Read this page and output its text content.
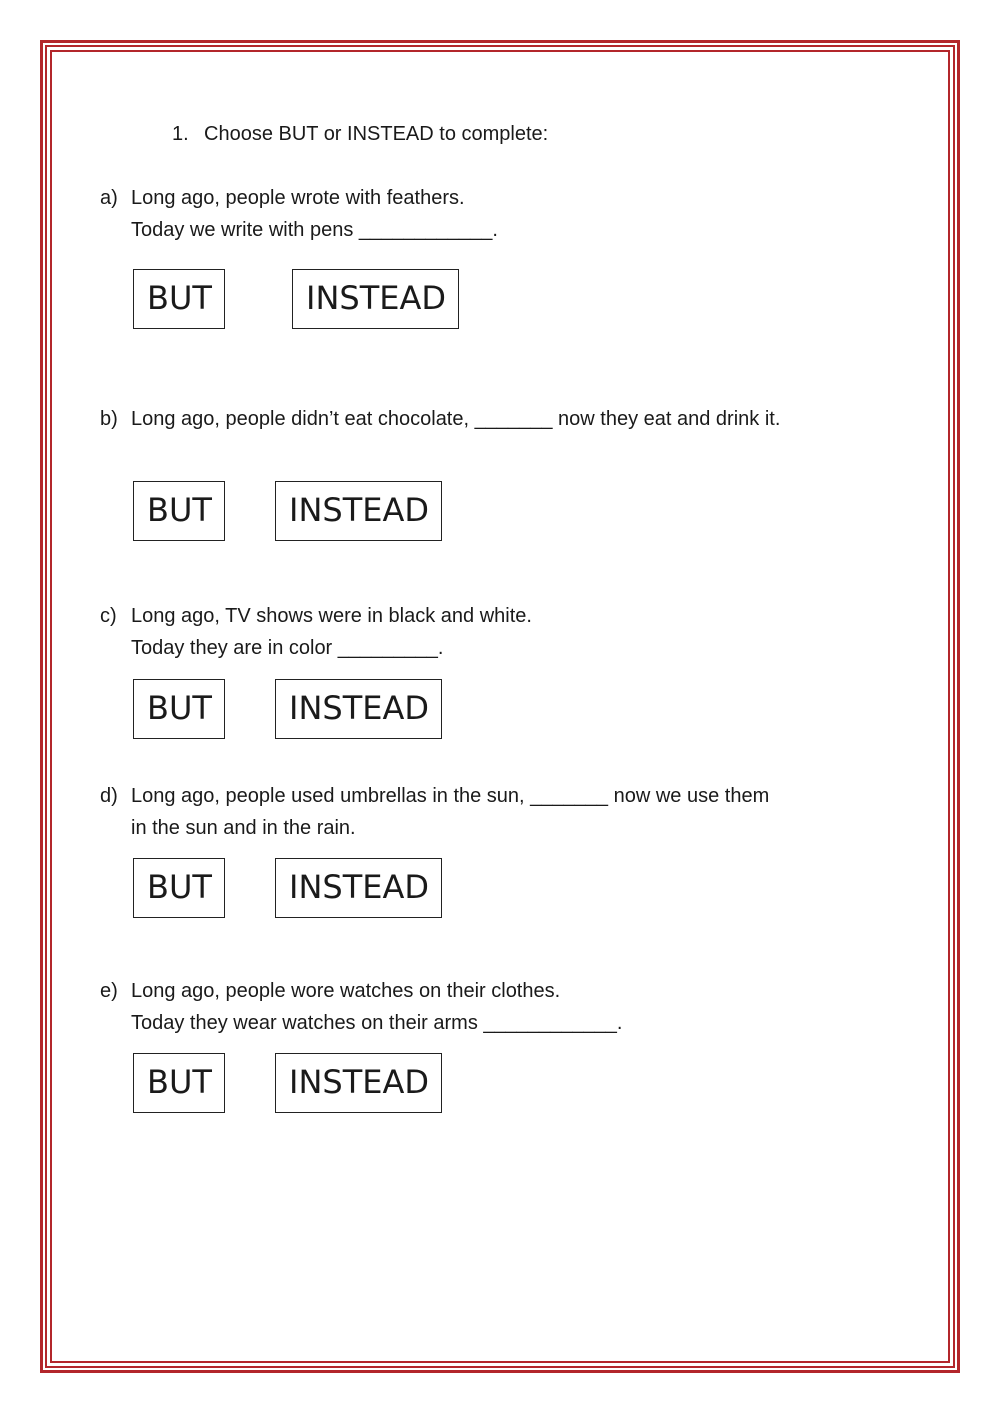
1. Choose BUT or INSTEAD to complete:
a) Long ago, people wrote with feathers.
Today we write with pens ____________.
BUT	INSTEAD
b) Long ago, people didn’t eat chocolate, _______ now they eat and drink it.
BUT	INSTEAD
c) Long ago, TV shows were in black and white.
Today they are in color _________.
BUT	INSTEAD
d) Long ago, people used umbrellas in the sun, _______ now we use them
in the sun and in the rain.
BUT	INSTEAD
e) Long ago, people wore watches on their clothes.
Today they wear watches on their arms ____________.
BUT	INSTEAD
